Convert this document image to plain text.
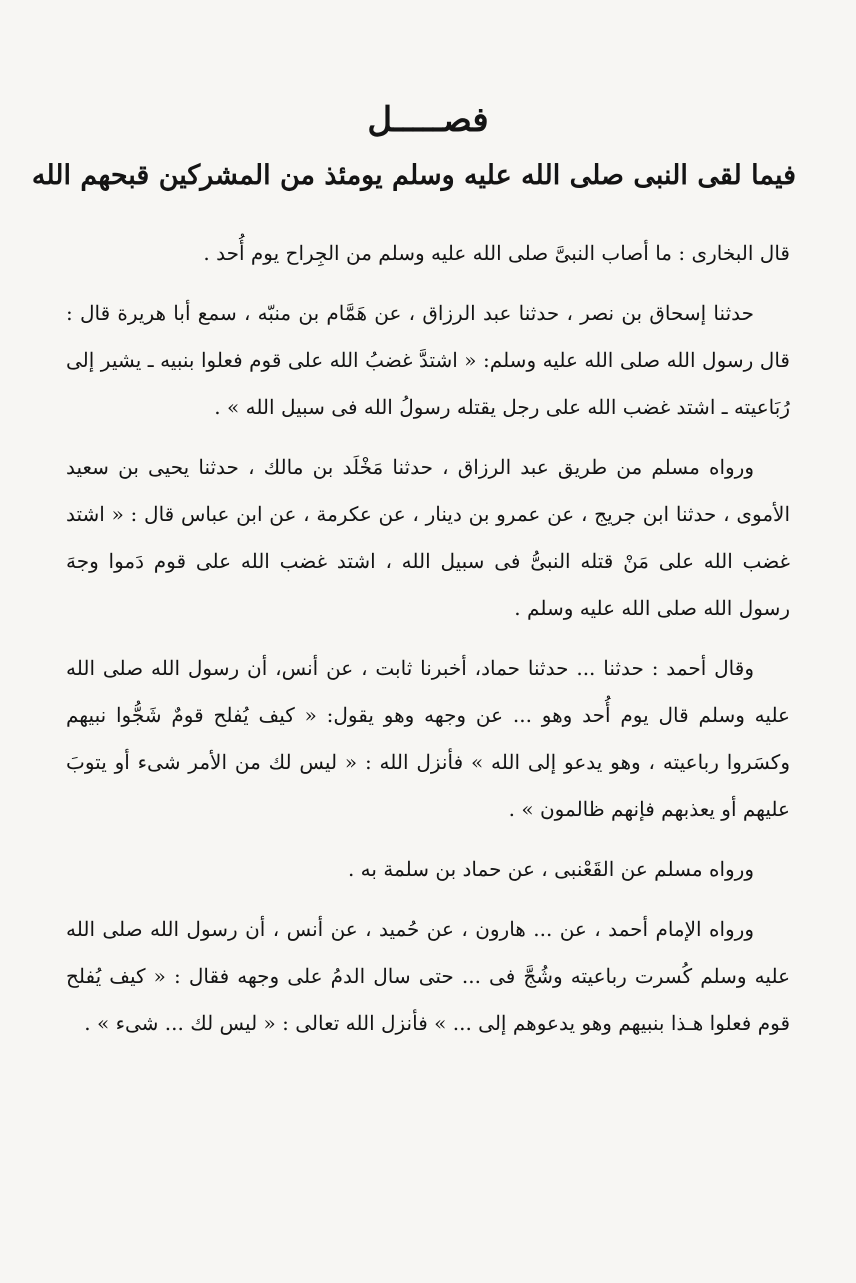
فصـــــل
فيما لقى النبى صلى الله عليه وسلم يومئذ من المشركين قبحهم الله

قال البخارى : ما أصاب النبىَّ صلى الله عليه وسلم من الجِراح يوم أُحد .

حدثنا إسحاق بن نصر ، حدثنا عبد الرزاق ، عن هَمَّام بن منبّه ، سمع أبا هريرة قال : قال رسول الله صلى الله عليه وسلم: « اشتدَّ غضبُ الله على قوم فعلوا بنبيه ـ يشير إلى رُبَاعيته ـ اشتد غضب الله على رجل يقتله رسولُ الله فى سبيل الله » .

ورواه مسلم من طريق عبد الرزاق ، حدثنا مَخْلَد بن مالك ، حدثنا يحيى بن سعيد الأموى ، حدثنا ابن جريج ، عن عمرو بن دينار ، عن عكرمة ، عن ابن عباس قال : « اشتد غضب الله على مَنْ قتله النبىُّ فى سبيل الله ، اشتد غضب الله على قوم دَموا وجهَ رسول الله صلى الله عليه وسلم .

وقال أحمد : حدثنا ... حدثنا حماد، أخبرنا ثابت ، عن أنس، أن رسول الله صلى الله عليه وسلم قال يوم أُحد وهو ... عن وجهه وهو يقول: « كيف يُفلح قومٌ شَجُّوا نبيهم وكسَروا رباعيته ، وهو يدعو إلى الله » فأنزل الله : « ليس لك من الأمر شىء أو يتوبَ عليهم أو يعذبهم فإنهم ظالمون » .

ورواه مسلم عن القَعْنبى ، عن حماد بن سلمة به .

ورواه الإمام أحمد ، عن ... هارون ، عن حُميد ، عن أنس ، أن رسول الله صلى الله عليه وسلم كُسرت رباعيته وشُجَّ فى ... حتى سال الدمُ على وجهه فقال : « كيف يُفلح قوم فعلوا هـذا بنبيهم وهو يدعوهم إلى ... » فأنزل الله تعالى : « ليس لك ... شىء » .
